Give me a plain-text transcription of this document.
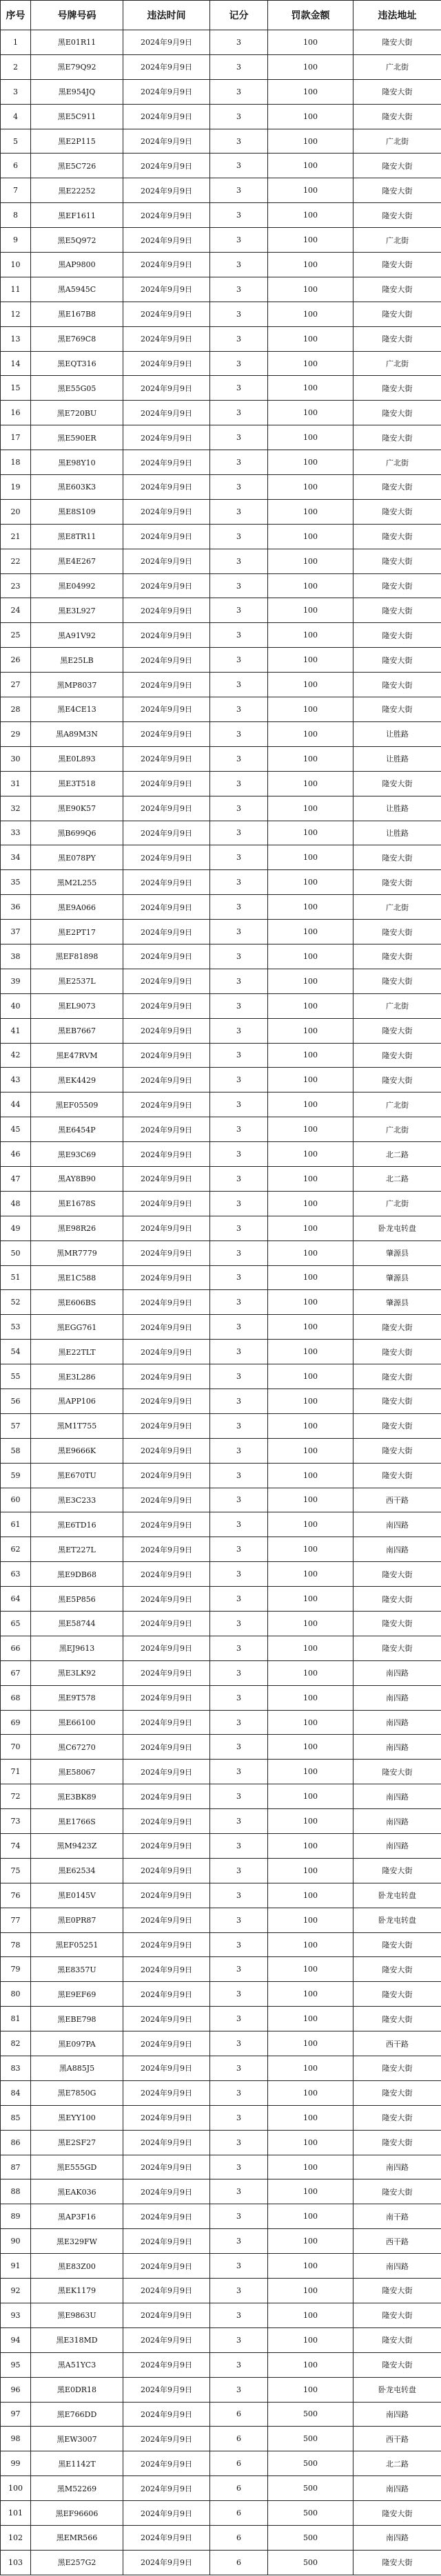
序号	号牌号码	违法时间	记分	罚款金额	违法地址
1	黑E01R11	2024年9月9日	3	100	隆安大街
2	黑E79Q92	2024年9月9日	3	100	广北街
3	黑E954JQ	2024年9月9日	3	100	隆安大街
4	黑E5C911	2024年9月9日	3	100	隆安大街
5	黑E2P115	2024年9月9日	3	100	广北街
6	黑E5C726	2024年9月9日	3	100	隆安大街
7	黑E22252	2024年9月9日	3	100	隆安大街
8	黑EF1611	2024年9月9日	3	100	隆安大街
9	黑E5Q972	2024年9月9日	3	100	广北街
10	黑AP9800	2024年9月9日	3	100	隆安大街
11	黑A5945C	2024年9月9日	3	100	隆安大街
12	黑E167B8	2024年9月9日	3	100	隆安大街
13	黑E769C8	2024年9月9日	3	100	隆安大街
14	黑EQT316	2024年9月9日	3	100	广北街
15	黑E55G05	2024年9月9日	3	100	隆安大街
16	黑E720BU	2024年9月9日	3	100	隆安大街
17	黑E590ER	2024年9月9日	3	100	隆安大街
18	黑E98Y10	2024年9月9日	3	100	广北街
19	黑E603K3	2024年9月9日	3	100	隆安大街
20	黑E8S109	2024年9月9日	3	100	隆安大街
21	黑E8TR11	2024年9月9日	3	100	隆安大街
22	黑E4E267	2024年9月9日	3	100	隆安大街
23	黑E04992	2024年9月9日	3	100	隆安大街
24	黑E3L927	2024年9月9日	3	100	隆安大街
25	黑A91V92	2024年9月9日	3	100	隆安大街
26	黑E25LB	2024年9月9日	3	100	隆安大街
27	黑MP8037	2024年9月9日	3	100	隆安大街
28	黑E4CE13	2024年9月9日	3	100	隆安大街
29	黑A89M3N	2024年9月9日	3	100	让胜路
30	黑E0L893	2024年9月9日	3	100	让胜路
31	黑E3T518	2024年9月9日	3	100	隆安大街
32	黑E90K57	2024年9月9日	3	100	让胜路
33	黑B699Q6	2024年9月9日	3	100	让胜路
34	黑E078PY	2024年9月9日	3	100	隆安大街
35	黑M2L255	2024年9月9日	3	100	隆安大街
36	黑E9A066	2024年9月9日	3	100	广北街
37	黑E2PT17	2024年9月9日	3	100	隆安大街
38	黑EF81898	2024年9月9日	3	100	隆安大街
39	黑E2537L	2024年9月9日	3	100	隆安大街
40	黑EL9073	2024年9月9日	3	100	广北街
41	黑EB7667	2024年9月9日	3	100	隆安大街
42	黑E47RVM	2024年9月9日	3	100	隆安大街
43	黑EK4429	2024年9月9日	3	100	隆安大街
44	黑EF05509	2024年9月9日	3	100	广北街
45	黑E6454P	2024年9月9日	3	100	广北街
46	黑E93C69	2024年9月9日	3	100	北二路
47	黑AY8B90	2024年9月9日	3	100	北二路
48	黑E1678S	2024年9月9日	3	100	广北街
49	黑E98R26	2024年9月9日	3	100	卧龙屯转盘
50	黑MR7779	2024年9月9日	3	100	肇源县
51	黑E1C588	2024年9月9日	3	100	肇源县
52	黑E606BS	2024年9月9日	3	100	肇源县
53	黑EGG761	2024年9月9日	3	100	隆安大街
54	黑E22TLT	2024年9月9日	3	100	隆安大街
55	黑E3L286	2024年9月9日	3	100	隆安大街
56	黑APP106	2024年9月9日	3	100	隆安大街
57	黑M1T755	2024年9月9日	3	100	隆安大街
58	黑E9666K	2024年9月9日	3	100	隆安大街
59	黑E670TU	2024年9月9日	3	100	隆安大街
60	黑E3C233	2024年9月9日	3	100	西干路
61	黑E6TD16	2024年9月9日	3	100	南四路
62	黑ET227L	2024年9月9日	3	100	南四路
63	黑E9DB68	2024年9月9日	3	100	隆安大街
64	黑E5P856	2024年9月9日	3	100	隆安大街
65	黑E58744	2024年9月9日	3	100	隆安大街
66	黑EJ9613	2024年9月9日	3	100	隆安大街
67	黑E3LK92	2024年9月9日	3	100	南四路
68	黑E9T578	2024年9月9日	3	100	南四路
69	黑E66100	2024年9月9日	3	100	南四路
70	黑C67270	2024年9月9日	3	100	南四路
71	黑E58067	2024年9月9日	3	100	隆安大街
72	黑E3BK89	2024年9月9日	3	100	南四路
73	黑E1766S	2024年9月9日	3	100	南四路
74	黑M9423Z	2024年9月9日	3	100	南四路
75	黑E62534	2024年9月9日	3	100	隆安大街
76	黑E0145V	2024年9月9日	3	100	卧龙屯转盘
77	黑E0PR87	2024年9月9日	3	100	卧龙屯转盘
78	黑EF05251	2024年9月9日	3	100	隆安大街
79	黑E8357U	2024年9月9日	3	100	隆安大街
80	黑E9EF69	2024年9月9日	3	100	隆安大街
81	黑EBE798	2024年9月9日	3	100	隆安大街
82	黑E097PA	2024年9月9日	3	100	西干路
83	黑A885J5	2024年9月9日	3	100	隆安大街
84	黑E7850G	2024年9月9日	3	100	隆安大街
85	黑EYY100	2024年9月9日	3	100	隆安大街
86	黑E2SF27	2024年9月9日	3	100	隆安大街
87	黑E555GD	2024年9月9日	3	100	南四路
88	黑EAK036	2024年9月9日	3	100	隆安大街
89	黑AP3F16	2024年9月9日	3	100	南干路
90	黑E329FW	2024年9月9日	3	100	西干路
91	黑E83Z00	2024年9月9日	3	100	南四路
92	黑EK1179	2024年9月9日	3	100	隆安大街
93	黑E9863U	2024年9月9日	3	100	隆安大街
94	黑E318MD	2024年9月9日	3	100	隆安大街
95	黑A51YC3	2024年9月9日	3	100	隆安大街
96	黑E0DR18	2024年9月9日	3	100	卧龙屯转盘
97	黑E766DD	2024年9月9日	6	500	南四路
98	黑EW3007	2024年9月9日	6	500	西干路
99	黑E1142T	2024年9月9日	6	500	北二路
100	黑M52269	2024年9月9日	6	500	南四路
101	黑EF96606	2024年9月9日	6	500	隆安大街
102	黑EMR566	2024年9月9日	6	500	南四路
103	黑E257G2	2024年9月9日	6	500	隆安大街
